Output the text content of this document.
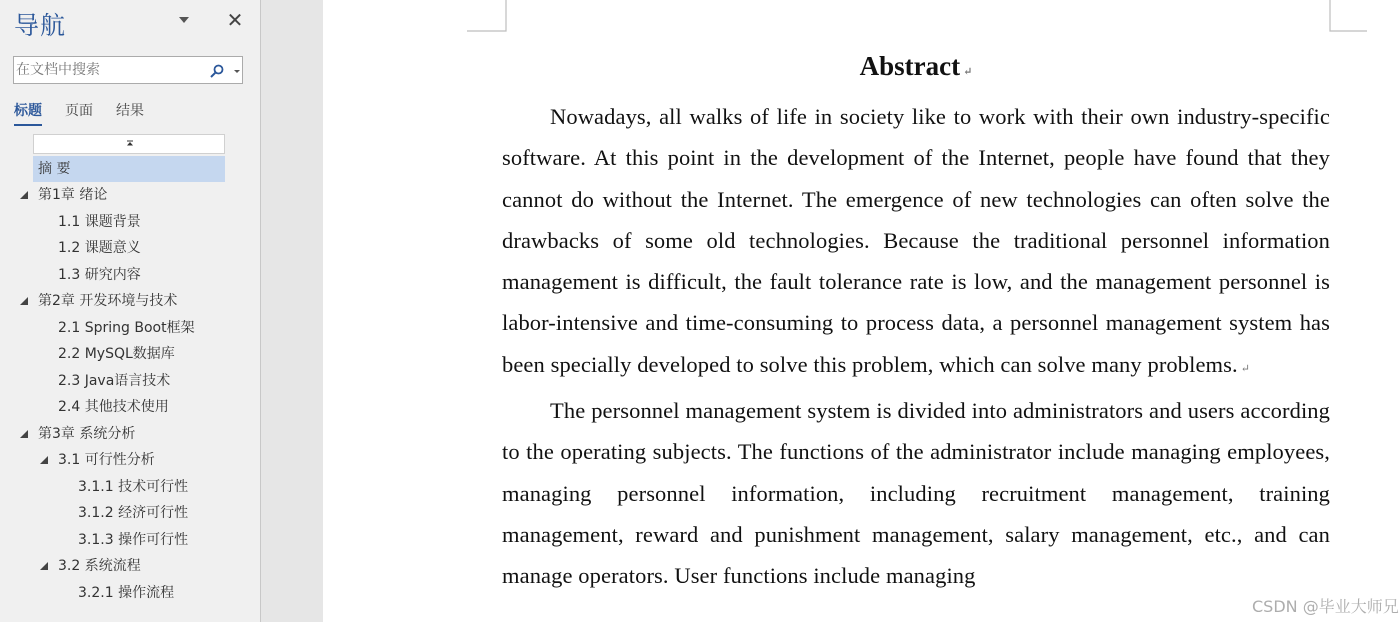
导航	✕
在文档中搜索
标题 页面 结果
摘 要
第1章 绪论
1.1 课题背景
1.2 课题意义
1.3 研究内容
第2章 开发环境与技术
2.1 Spring Boot框架
2.2 MySQL数据库
2.3 Java语言技术
2.4 其他技术使用
第3章 系统分析
3.1 可行性分析
3.1.1 技术可行性
3.1.2 经济可行性
3.1.3 操作可行性
3.2 系统流程
3.2.1 操作流程
Abstract ↵

Nowadays, all walks of life in society like to work with their own industry-specific software. At this point in the development of the Internet, people have found that they cannot do without the Internet. The emergence of new technologies can often solve the drawbacks of some old technologies. Because the traditional personnel information management is difficult, the fault tolerance rate is low, and the management personnel is labor-intensive and time-consuming to process data, a personnel management system has been specially developed to solve this problem, which can solve many problems. ↵

The personnel management system is divided into administrators and users according to the operating subjects. The functions of the administrator include managing employees, managing personnel information, including recruitment management, training management, reward and punishment management, salary management, etc., and can manage operators. User functions include managing

CSDN @毕业大师兄
